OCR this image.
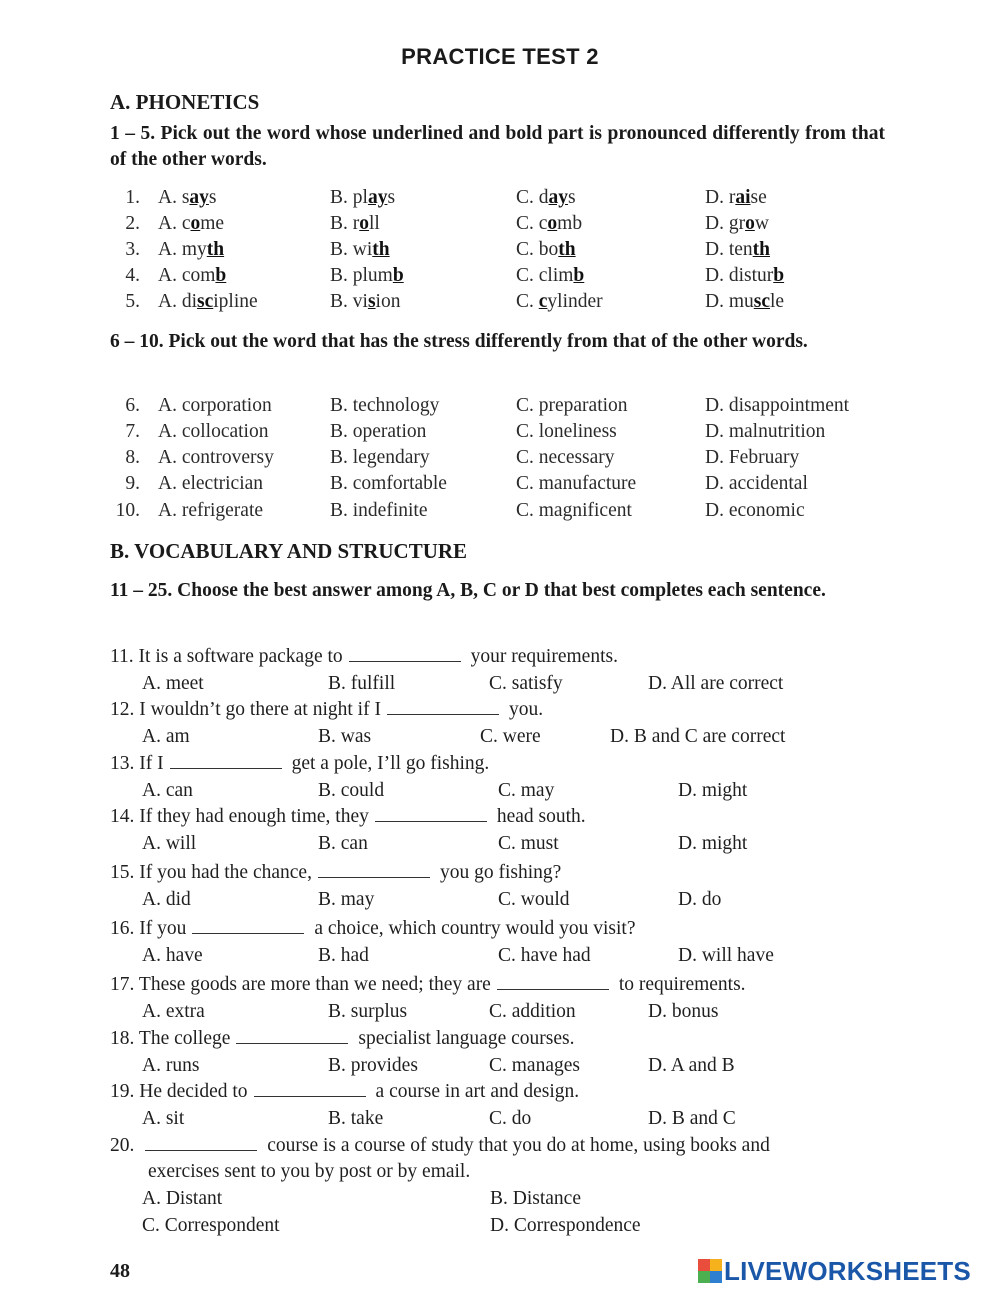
PRACTICE TEST 2
A. PHONETICS
1 – 5. Pick out the word whose underlined and bold part is pronounced differently from that of the other words.
1. A. says	B. plays	C. days	D. raise
2. A. come	B. roll	C. comb	D. grow
3. A. myth	B. with	C. both	D. tenth
4. A. comb	B. plumb	C. climb	D. disturb
5. A. discipline	B. vision	C. cylinder	D. muscle
6 – 10. Pick out the word that has the stress differently from that of the other words.
6. A. corporation	B. technology	C. preparation	D. disappointment
7. A. collocation	B. operation	C. loneliness	D. malnutrition
8. A. controversy	B. legendary	C. necessary	D. February
9. A. electrician	B. comfortable	C. manufacture	D. accidental
10. A. refrigerate	B. indefinite	C. magnificent	D. economic
B. VOCABULARY AND STRUCTURE
11 – 25. Choose the best answer among A, B, C or D that best completes each sentence.
11. It is a software package to	your requirements.
A. meet	B. fulfill	C. satisfy	D. All are correct
12. I wouldn’t go there at night if I	you.
A. am	B. was	C. were	D. B and C are correct
13. If I	get a pole, I’ll go fishing.
A. can	B. could	C. may	D. might
14. If they had enough time, they	head south.
A. will	B. can	C. must	D. might
15. If you had the chance,	you go fishing?
A. did	B. may	C. would	D. do
16. If you	a choice, which country would you visit?
A. have	B. had	C. have had	D. will have
17. These goods are more than we need; they are	to requirements.
A. extra	B. surplus	C. addition	D. bonus
18. The college	specialist language courses.
A. runs	B. provides	C. manages	D. A and B
19. He decided to	a course in art and design.
A. sit	B. take	C. do	D. B and C
20.	course is a course of study that you do at home, using books and
exercises sent to you by post or by email.
A. Distant	B. Distance
C. Correspondent	D. Correspondence
48	LIVEWORKSHEETS
